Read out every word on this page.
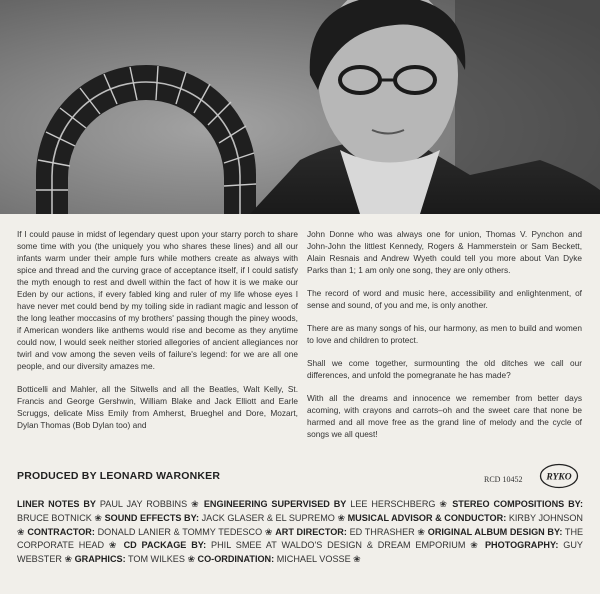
If I could pause in midst of legendary quest upon your starry porch to share some time with you (the uniquely you who shares these lines) and all our infants warm under their ample furs while mothers create as always with spice and thread and the curving grace of acceptance itself, if I could satisfy the myth enough to rest and dwell within the fact of how it is we make our Eden by our actions, if every fabled king and ruler of my life whose eyes I have never met could bend by my toiling side in radiant magic and lesson of the long leather moccasins of my brothers' passing though the piney woods, if American wonders like anthems would rise and become as they anytime could now, I would seek neither storied allegories of ancient allegiances nor twirl and vow among the seven veils of failure's legend: for we are all one people, and our diversity amazes me.

Botticelli and Mahler, all the Sitwells and all the Beatles, Walt Kelly, St. Francis and George Gershwin, William Blake and Jack Elliott and Earle Scruggs, delicate Miss Emily from Amherst, Brueghel and Dore, Mozart, Dylan Thomas (Bob Dylan too) and

John Donne who was always one for union, Thomas V. Pynchon and John-John the littlest Kennedy, Rogers & Hammerstein or Sam Beckett, Alain Resnais and Andrew Wyeth could tell you more about Van Dyke Parks than 1; 1 am only one song, they are only others.

The record of word and music here, accessibility and enlightenment, of sense and sound, of you and me, is only another.

There are as many songs of his, our harmony, as men to build and women to love and children to protect.

Shall we come together, surmounting the old ditches we call our differences, and unfold the pomegranate he has made?

With all the dreams and innocence we remember from better days acoming, with crayons and carrots–oh and the sweet care that none be harmed and all move free as the grand line of melody and the cycle of songs we all quest!

PRODUCED BY LEONARD WARONKER	RCD 10452	RYKO
LINER NOTES BY PAUL JAY ROBBINS ❀ ENGINEERING SUPERVISED BY LEE HERSCHBERG ❀ STEREO COMPOSITIONS BY: BRUCE BOTNICK ❀ SOUND EFFECTS BY: JACK GLASER & EL SUPREMO ❀ MUSICAL ADVISOR & CONDUCTOR: KIRBY JOHNSON ❀ CONTRACTOR: DONALD LANIER & TOMMY TEDESCO ❀ ART DIRECTOR: ED THRASHER ❀ ORIGINAL ALBUM DESIGN BY: THE CORPORATE HEAD ❀ CD PACKAGE BY: PHIL SMEE AT WALDO'S DESIGN & DREAM EMPORIUM ❀ PHOTOGRAPHY: GUY WEBSTER ❀ GRAPHICS: TOM WILKES ❀ CO-ORDINATION: MICHAEL VOSSE ❀
